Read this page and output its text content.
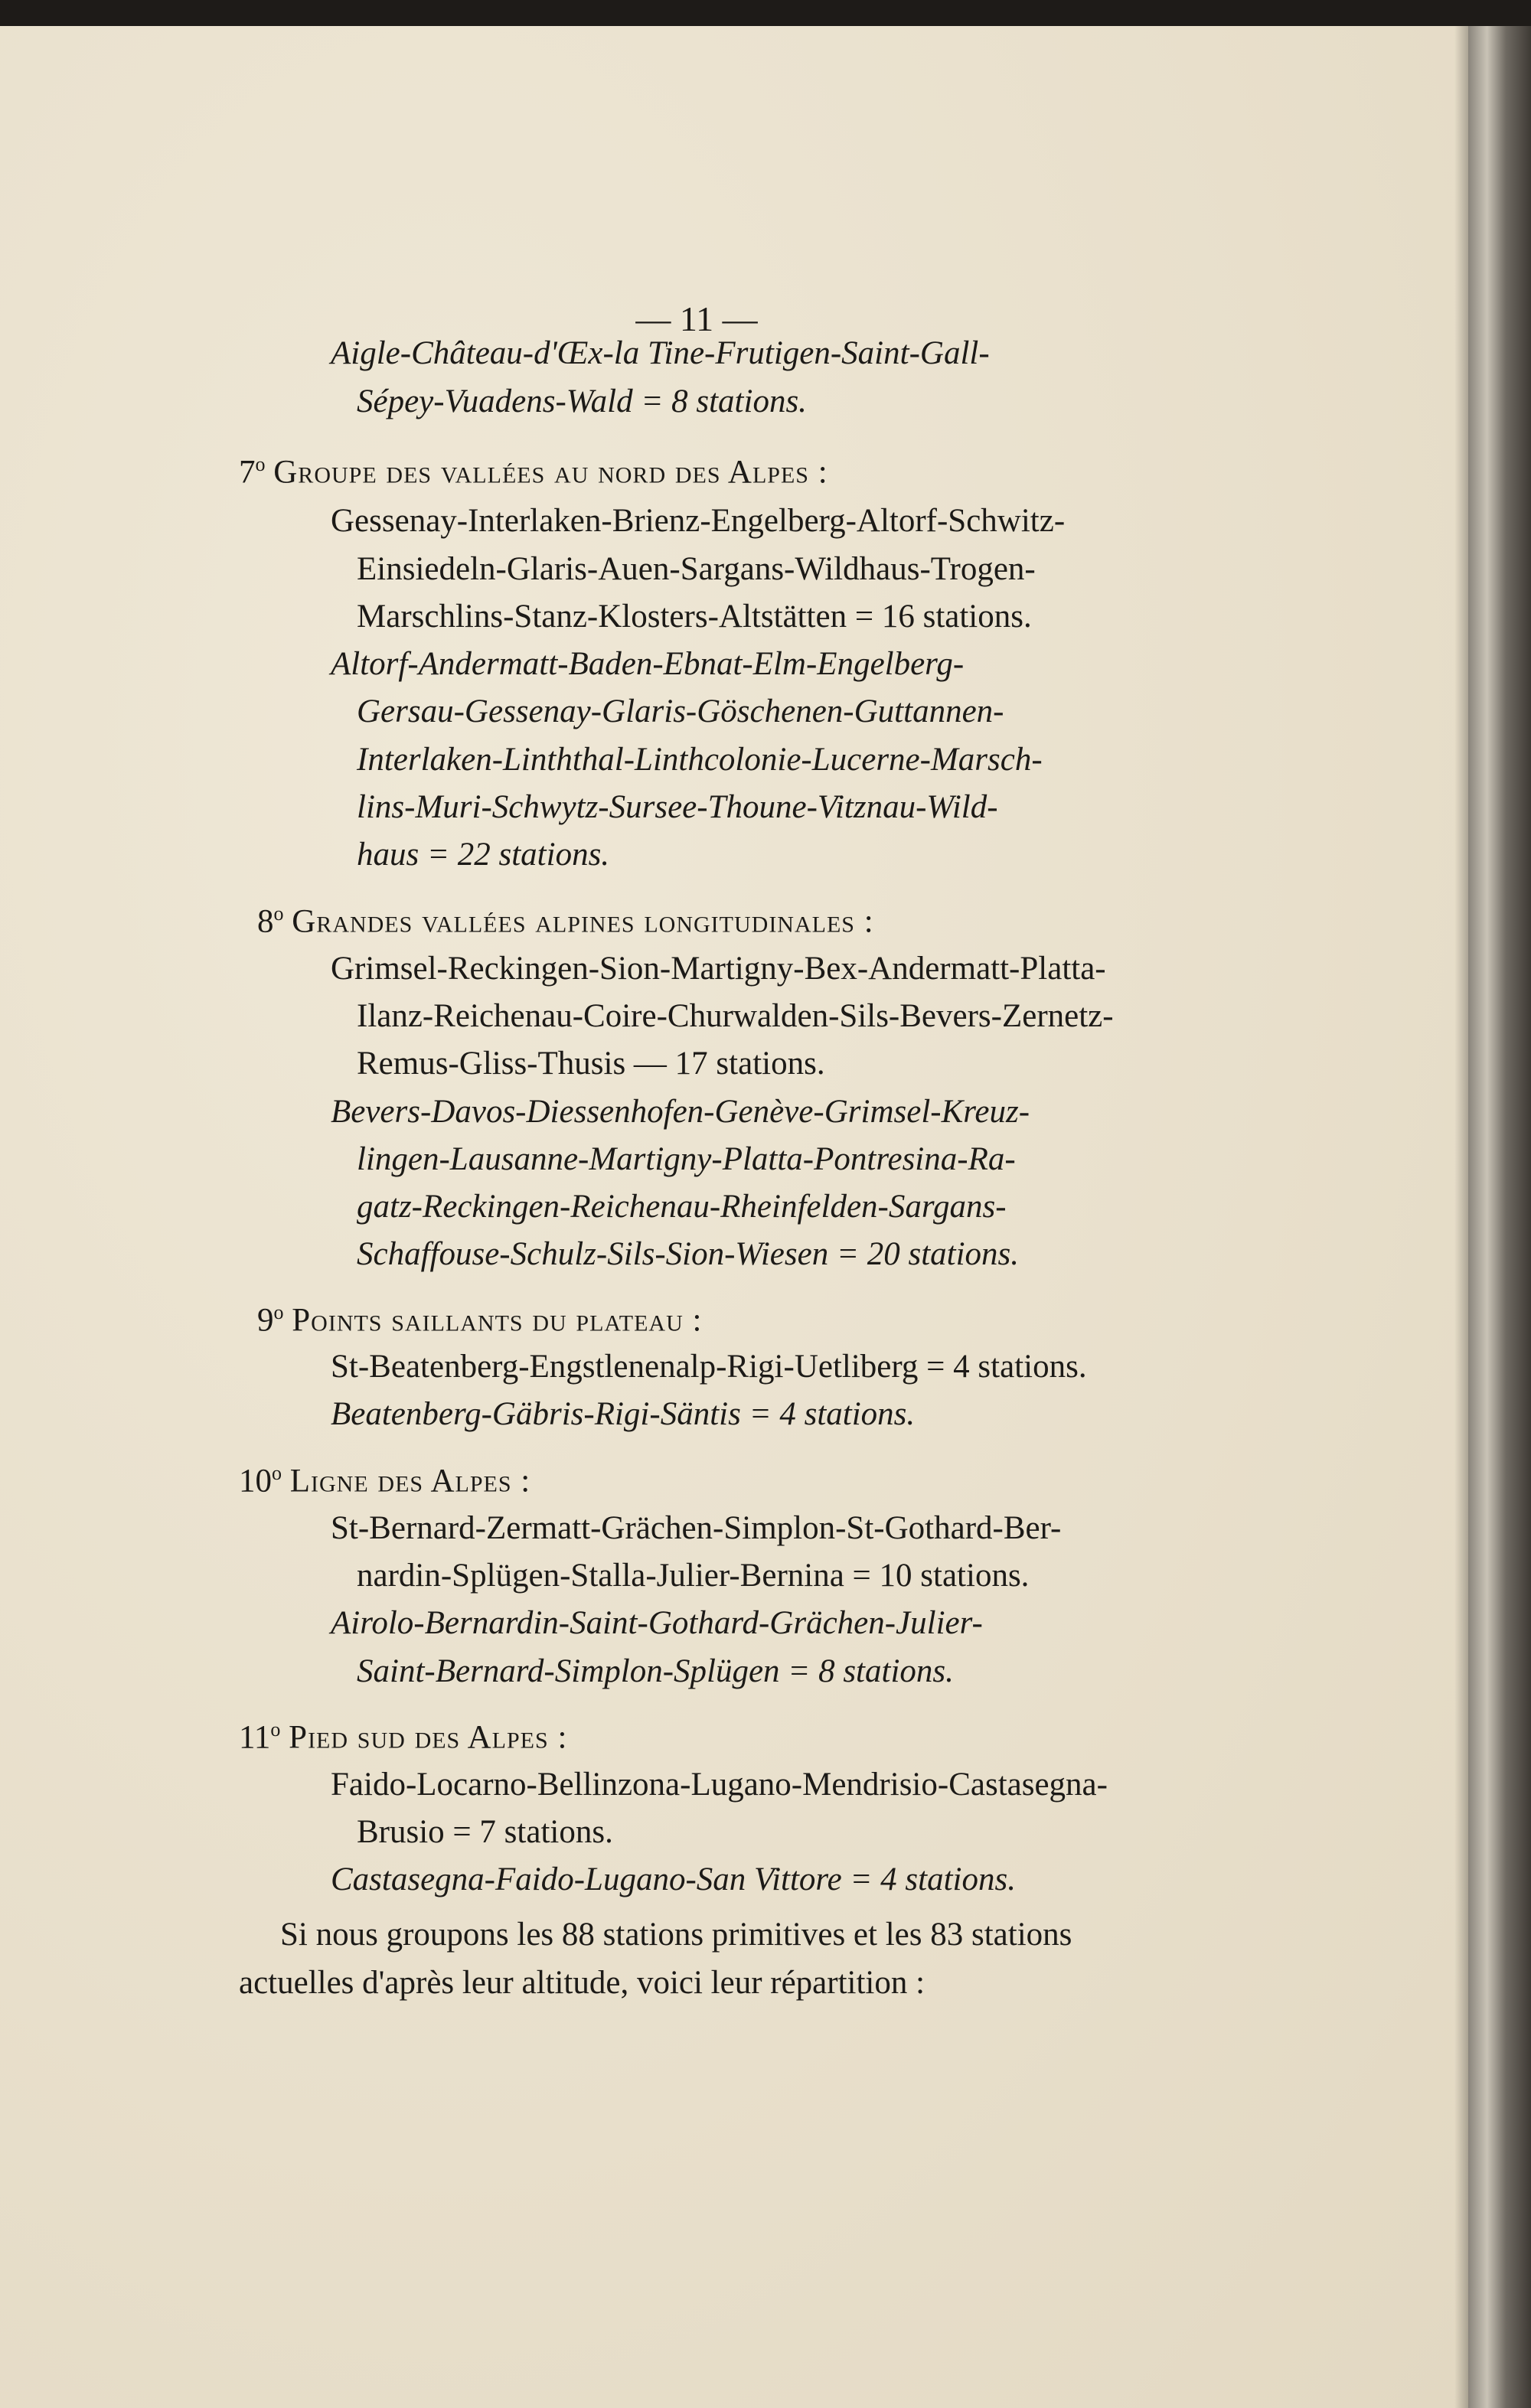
— 11 —
Aigle-Château-d'Œx-la Tine-Frutigen-Saint-Gall-
Sépey-Vuadens-Wald = 8 stations.
7$^o$ Groupe des vallées au nord des Alpes :
Gessenay-Interlaken-Brienz-Engelberg-Altorf-Schwitz-
Einsiedeln-Glaris-Auen-Sargans-Wildhaus-Trogen-
Marschlins-Stanz-Klosters-Altstätten = 16 stations.
Altorf-Andermatt-Baden-Ebnat-Elm-Engelberg-
Gersau-Gessenay-Glaris-Göschenen-Guttannen-
Interlaken-Linththal-Linthcolonie-Lucerne-Marsch-
lins-Muri-Schwytz-Sursee-Thoune-Vitznau-Wild-
haus = 22 stations.
8$^o$ Grandes vallées alpines longitudinales :
Grimsel-Reckingen-Sion-Martigny-Bex-Andermatt-Platta-
Ilanz-Reichenau-Coire-Churwalden-Sils-Bevers-Zernetz-
Remus-Gliss-Thusis — 17 stations.
Bevers-Davos-Diessenhofen-Genève-Grimsel-Kreuz-
lingen-Lausanne-Martigny-Platta-Pontresina-Ra-
gatz-Reckingen-Reichenau-Rheinfelden-Sargans-
Schaffouse-Schulz-Sils-Sion-Wiesen = 20 stations.
9$^o$ Points saillants du plateau :
St-Beatenberg-Engstlenenalp-Rigi-Uetliberg = 4 stations.
Beatenberg-Gäbris-Rigi-Säntis = 4 stations.
10$^o$ Ligne des Alpes :
St-Bernard-Zermatt-Grächen-Simplon-St-Gothard-Ber-
nardin-Splügen-Stalla-Julier-Bernina = 10 stations.
Airolo-Bernardin-Saint-Gothard-Grächen-Julier-
Saint-Bernard-Simplon-Splügen = 8 stations.
11$^o$ Pied sud des Alpes :
Faido-Locarno-Bellinzona-Lugano-Mendrisio-Castasegna-
Brusio = 7 stations.
Castasegna-Faido-Lugano-San Vittore = 4 stations.
Si nous groupons les 88 stations primitives et les 83 stations
actuelles d'après leur altitude, voici leur répartition :
